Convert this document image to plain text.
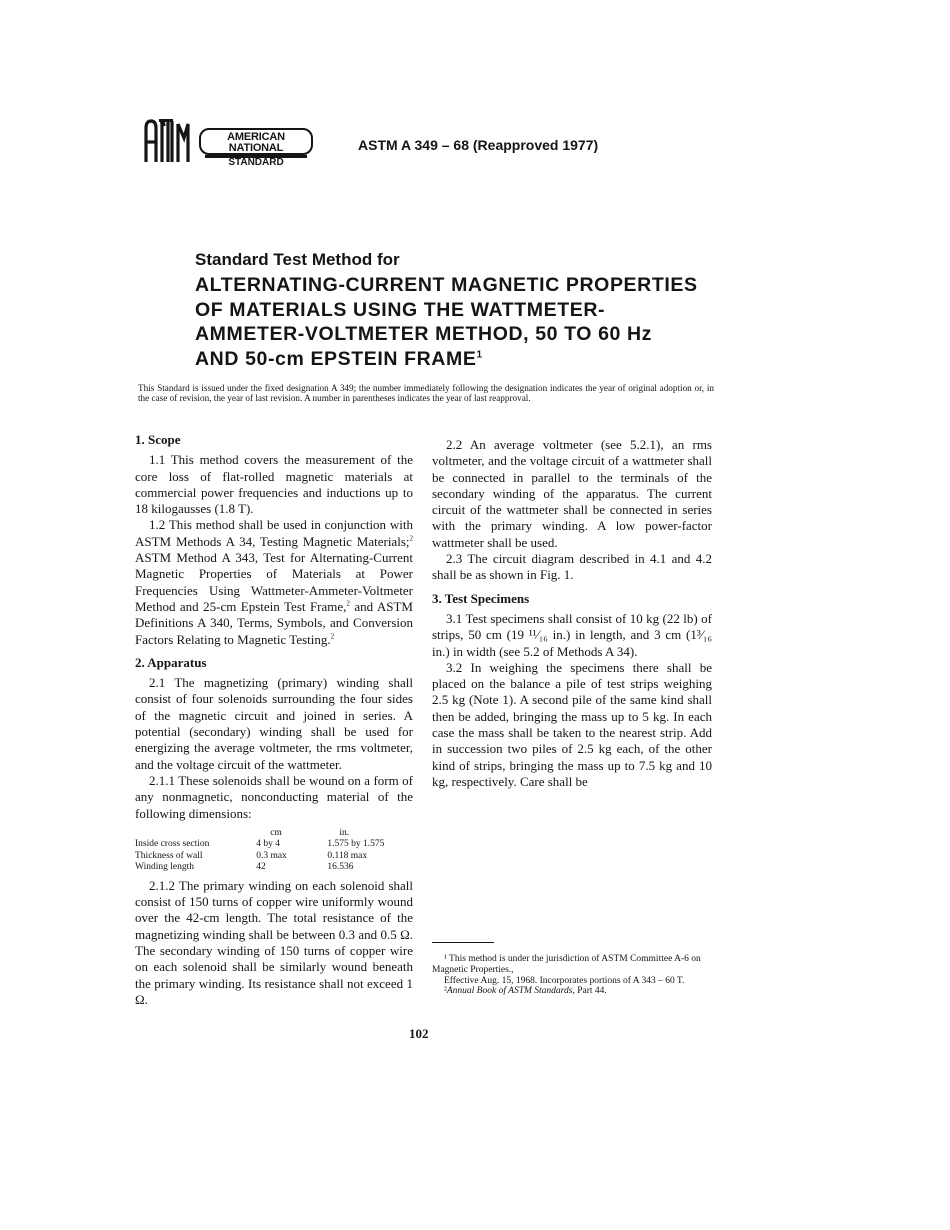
AMERICAN NATIONAL
STANDARD
ASTM A 349 – 68 (Reapproved 1977)
Standard Test Method for
ALTERNATING-CURRENT MAGNETIC PROPERTIES
OF MATERIALS USING THE WATTMETER-
AMMETER-VOLTMETER METHOD, 50 TO 60 Hz
AND 50-cm EPSTEIN FRAME$^1$
This Standard is issued under the fixed designation A 349; the number immediately following the designation indicates the year of original adoption or, in the case of revision, the year of last revision. A number in parentheses indicates the year of last reapproval.
1. Scope

1.1 This method covers the measurement of the core loss of flat-rolled magnetic materials at commercial power frequencies and inductions up to 18 kilogausses (1.8 T).

1.2 This method shall be used in conjunction with ASTM Methods A 34, Testing Magnetic Materials;$^2$ ASTM Method A 343, Test for Alternating-Current Magnetic Properties of Materials at Power Frequencies Using Wattmeter-Ammeter-Voltmeter Method and 25-cm Epstein Test Frame,$^2$ and ASTM Definitions A 340, Terms, Symbols, and Conversion Factors Relating to Magnetic Testing.$^2$

2. Apparatus

2.1 The magnetizing (primary) winding shall consist of four solenoids surrounding the four sides of the magnetic circuit and joined in series. A potential (secondary) winding shall be used for energizing the average voltmeter, the rms voltmeter, and the voltage circuit of the wattmeter.

2.1.1 These solenoids shall be wound on a form of any nonmagnetic, nonconducting material of the following dimensions:

	cm	in.
Inside cross section	4 by 4	1.575 by 1.575
Thickness of wall	0.3 max	0.118 max
Winding length	42	16.536

2.1.2 The primary winding on each solenoid shall consist of 150 turns of copper wire uniformly wound over the 42-cm length. The total resistance of the magnetizing winding shall be between 0.3 and 0.5 Ω. The secondary winding of 150 turns of copper wire on each solenoid shall be similarly wound beneath the primary winding. Its resistance shall not exceed 1 Ω.

2.2 An average voltmeter (see 5.2.1), an rms voltmeter, and the voltage circuit of a wattmeter shall be connected in parallel to the terminals of the secondary winding of the apparatus. The current circuit of the wattmeter shall be connected in series with the primary winding. A low power-factor wattmeter shall be used.

2.3 The circuit diagram described in 4.1 and 4.2 shall be as shown in Fig. 1.

3. Test Specimens

3.1 Test specimens shall consist of 10 kg (22 lb) of strips, 50 cm (19 ¹¹⁄₁₆ in.) in length, and 3 cm (1³⁄₁₆ in.) in width (see 5.2 of Methods A 34).

3.2 In weighing the specimens there shall be placed on the balance a pile of test strips weighing 2.5 kg (Note 1). A second pile of the same kind shall then be added, bringing the mass up to 5 kg. In each case the mass shall be taken to the nearest strip. Add in succession two piles of 2.5 kg each, of the other kind of strips, bringing the mass up to 7.5 kg and 10 kg, respectively. Care shall be

¹ This method is under the jurisdiction of ASTM Committee A-6 on Magnetic Properties.,

Effective Aug. 15, 1968. Incorporates portions of A 343 – 60 T.

²Annual Book of ASTM Standards, Part 44.

102
